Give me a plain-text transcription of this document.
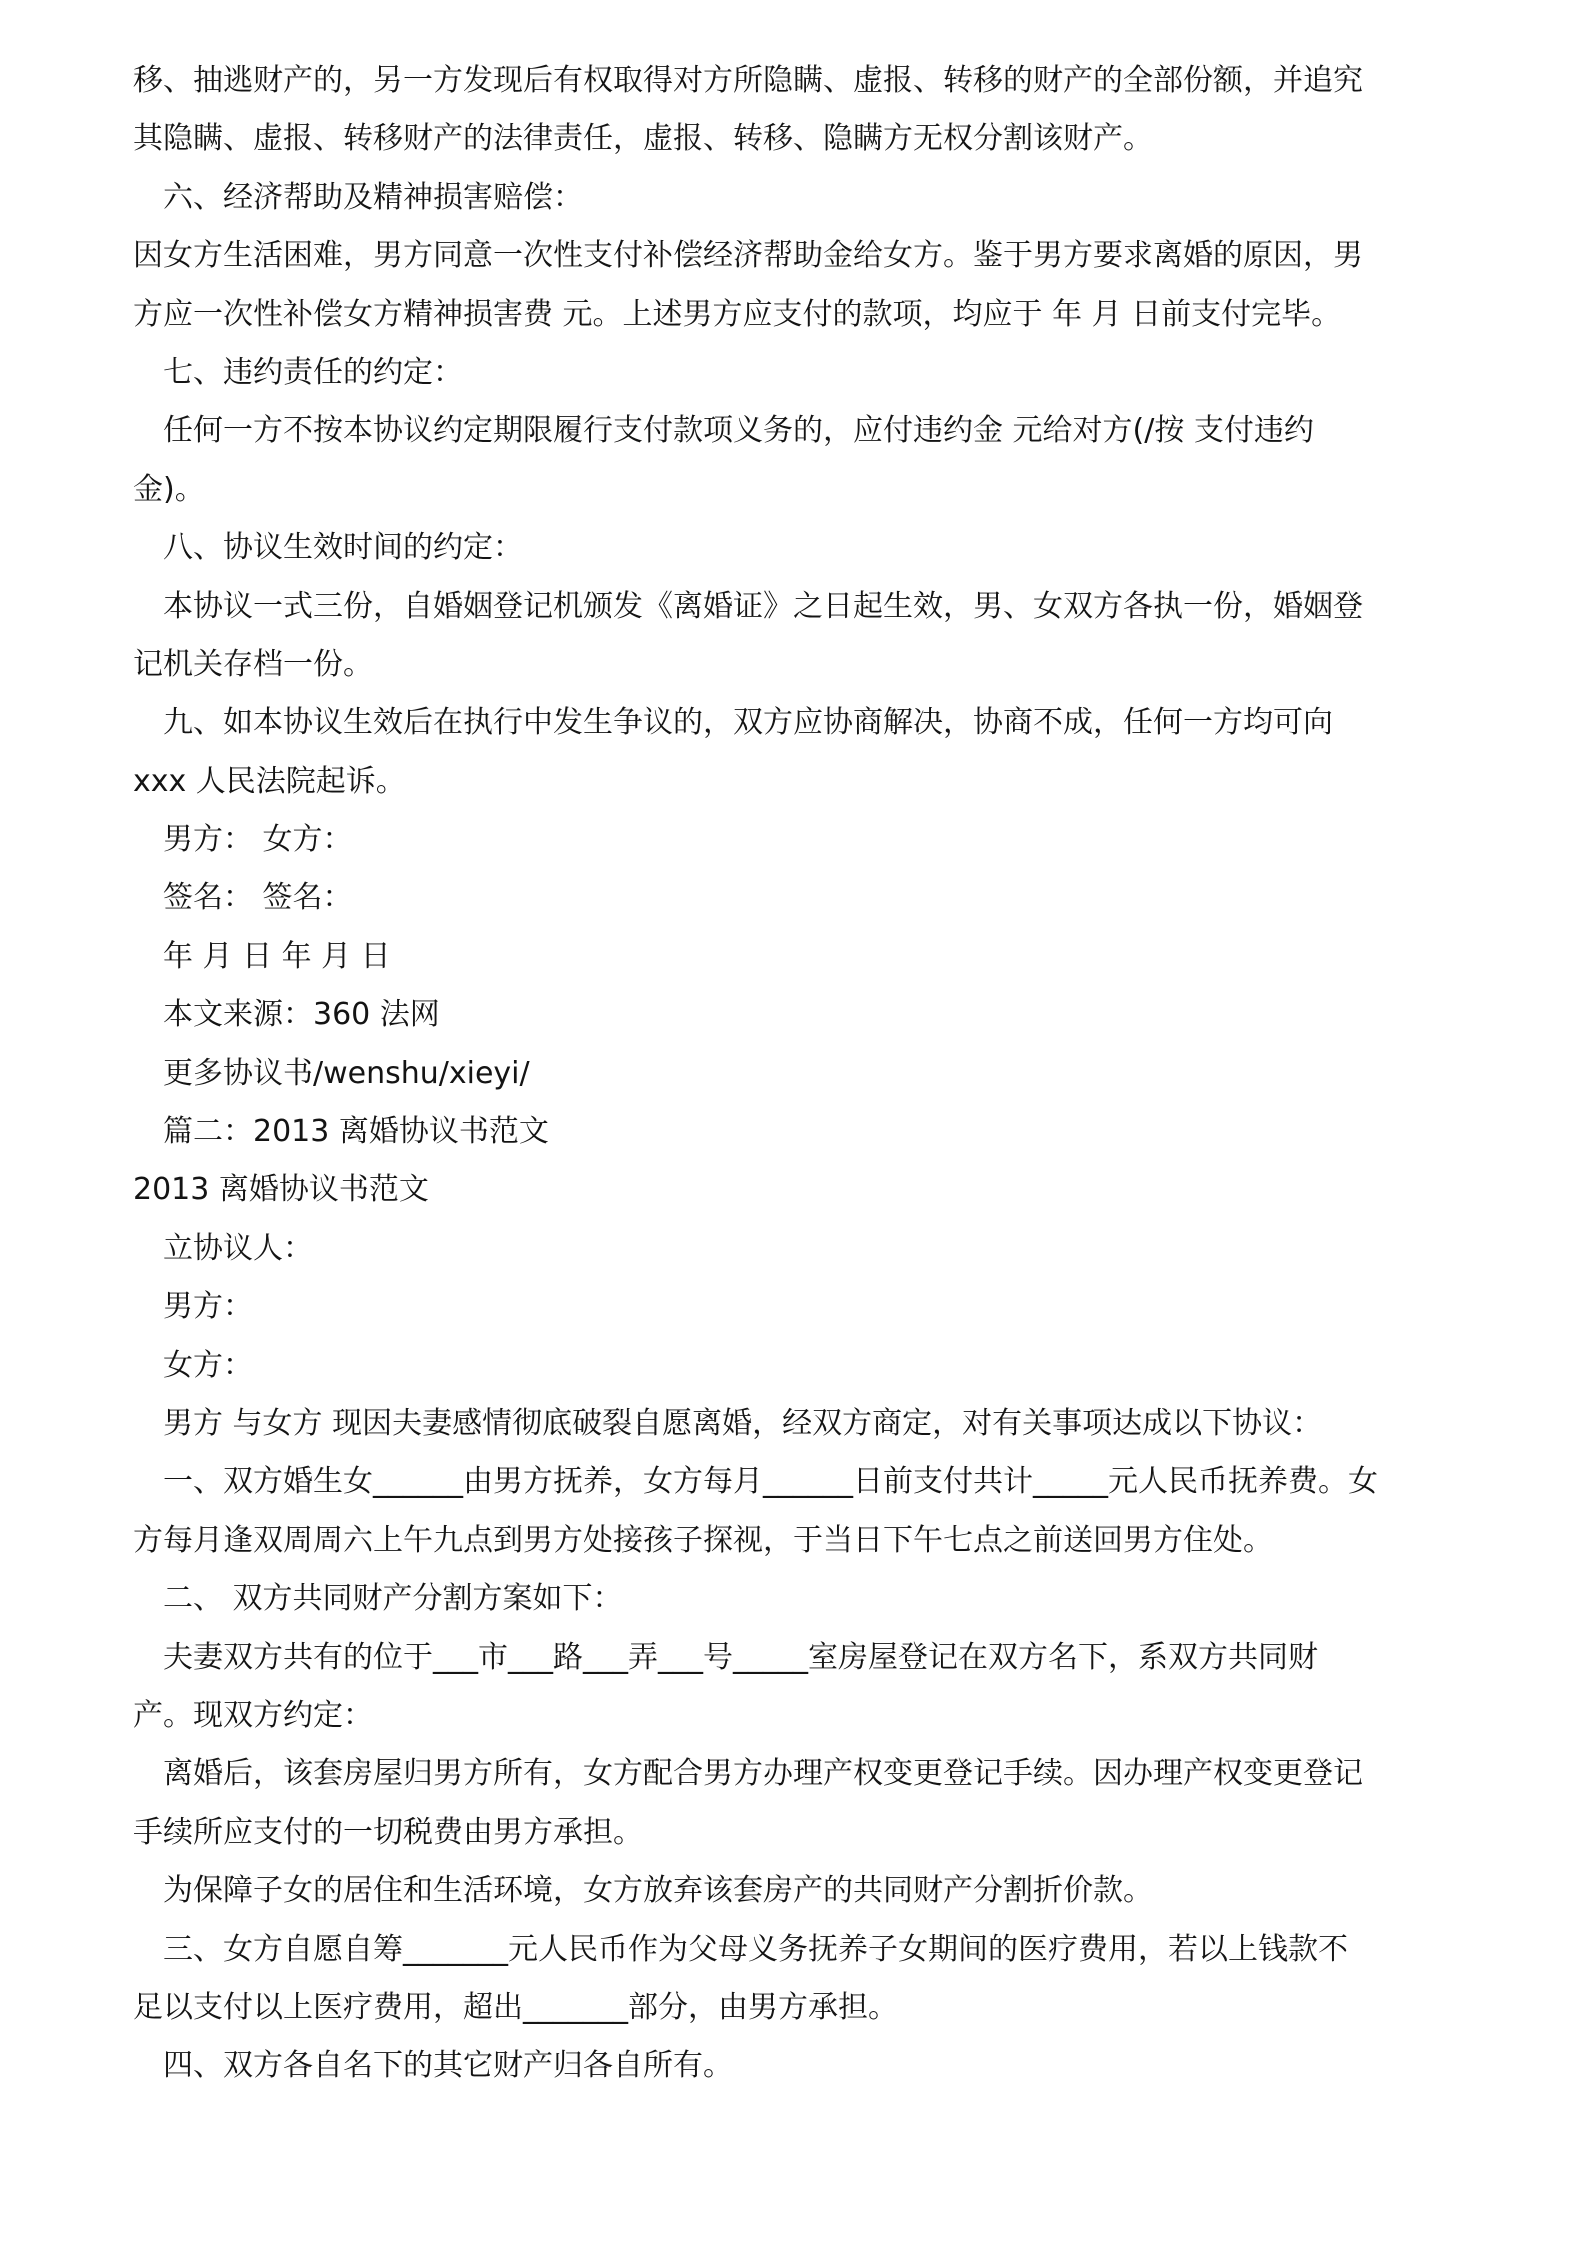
移、抽逃财产的，另一方发现后有权取得对方所隐瞒、虚报、转移的财产的全部份额，并追究
其隐瞒、虚报、转移财产的法律责任，虚报、转移、隐瞒方无权分割该财产。
六、经济帮助及精神损害赔偿：
因女方生活困难，男方同意一次性支付补偿经济帮助金给女方。鉴于男方要求离婚的原因，男
方应一次性补偿女方精神损害费 元。上述男方应支付的款项，均应于 年 月 日前支付完毕。
七、违约责任的约定：
任何一方不按本协议约定期限履行支付款项义务的，应付违约金 元给对方(/按 支付违约
金)。
八、协议生效时间的约定：
本协议一式三份，自婚姻登记机颁发《离婚证》之日起生效，男、女双方各执一份，婚姻登
记机关存档一份。
九、如本协议生效后在执行中发生争议的，双方应协商解决，协商不成，任何一方均可向
xxx 人民法院起诉。
男方： 女方：
签名： 签名：
年 月 日 年 月 日
本文来源：360 法网
更多协议书/wenshu/xieyi/
篇二：2013 离婚协议书范文
2013 离婚协议书范文
立协议人：
男方：
女方：
男方 与女方 现因夫妻感情彻底破裂自愿离婚，经双方商定，对有关事项达成以下协议：
一、双方婚生女______由男方抚养，女方每月______日前支付共计_____元人民币抚养费。女
方每月逢双周周六上午九点到男方处接孩子探视，于当日下午七点之前送回男方住处。
二、 双方共同财产分割方案如下：
夫妻双方共有的位于___市___路___弄___号_____室房屋登记在双方名下，系双方共同财
产。现双方约定：
离婚后，该套房屋归男方所有，女方配合男方办理产权变更登记手续。因办理产权变更登记
手续所应支付的一切税费由男方承担。
为保障子女的居住和生活环境，女方放弃该套房产的共同财产分割折价款。
三、女方自愿自筹_______元人民币作为父母义务抚养子女期间的医疗费用，若以上钱款不
足以支付以上医疗费用，超出_______部分，由男方承担。
四、双方各自名下的其它财产归各自所有。
